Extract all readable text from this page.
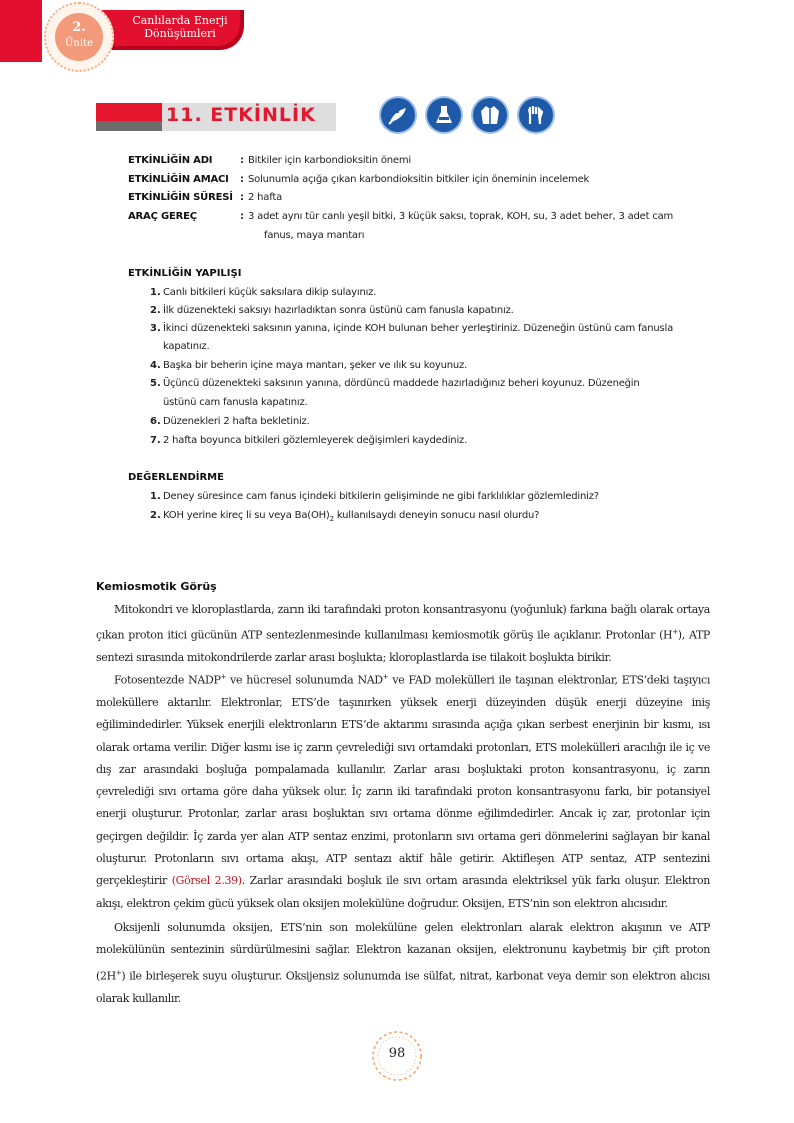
Canlılarda Enerji Dönüşümleri
2.
Ünite
11. ETKİNLİK
ETKİNLİĞİN ADI	: Bitkiler için karbondioksitin önemi
ETKİNLİĞİN AMACI : Solunumla açığa çıkan karbondioksitin bitkiler için öneminin incelemek
ETKİNLİĞİN SÜRESİ : 2 hafta
ARAÇ GEREÇ	: 3 adet aynı tür canlı yeşil bitki, 3 küçük saksı, toprak, KOH, su, 3 adet beher, 3 adet cam
fanus, maya mantarı
ETKİNLİĞİN YAPILIŞI
1. Canlı bitkileri küçük saksılara dikip sulayınız.
2. İlk düzenekteki saksıyı hazırladıktan sonra üstünü cam fanusla kapatınız.
3. İkinci düzenekteki saksının yanına, içinde KOH bulunan beher yerleştiriniz. Düzeneğin üstünü cam fanusla
kapatınız.
4. Başka bir beherin içine maya mantarı, şeker ve ılık su koyunuz.
5. Üçüncü düzenekteki saksının yanına, dördüncü maddede hazırladığınız beheri koyunuz. Düzeneğin
üstünü cam fanusla kapatınız.
6. Düzenekleri 2 hafta bekletiniz.
7. 2 hafta boyunca bitkileri gözlemleyerek değişimleri kaydediniz.
DEĞERLENDİRME
1. Deney süresince cam fanus içindeki bitkilerin gelişiminde ne gibi farklılıklar gözlemlediniz?
2. KOH yerine kireç li su veya $Ba(OH)_2$ kullanılsaydı deneyin sonucu nasıl olurdu?
Kemiosmotik Görüş
Mitokondri ve kloroplastlarda, zarın iki tarafındaki proton konsantrasyonu (yoğunluk) farkına bağlı olarak ortaya çıkan proton itici gücünün ATP sentezlenmesinde kullanılması kemiosmotik görüş ile açıklanır. Protonlar (H+), ATP sentezi sırasında mitokondrilerde zarlar arası boşlukta; kloroplastlarda ise tilakoit boşlukta birikir.
Fotosentezde NADP+ ve hücresel solunumda NAD+ ve FAD molekülleri ile taşınan elektronlar, ETS’deki taşıyıcı moleküllere aktarılır. Elektronlar, ETS’de taşınırken yüksek enerji düzeyinden düşük enerji düzeyine iniş eğilimindedirler. Yüksek enerjili elektronların ETS’de aktarımı sırasında açığa çıkan serbest enerjinin bir kısmı, ısı olarak ortama verilir. Diğer kısmı ise iç zarın çevrelediği sıvı ortamdaki protonları, ETS molekülleri aracılığı ile iç ve dış zar arasındaki boşluğa pompalamada kullanılır. Zarlar arası boşluktaki proton konsantrasyonu, iç zarın çevrelediği sıvı ortama göre daha yüksek olur. İç zarın iki tarafındaki proton konsantrasyonu farkı, bir potansiyel enerji oluşturur. Protonlar, zarlar arası boşluktan sıvı ortama dönme eğilimdedirler. Ancak iç zar, protonlar için geçirgen değildir. İç zarda yer alan ATP sentaz enzimi, protonların sıvı ortama geri dönmelerini sağlayan bir kanal oluşturur. Protonların sıvı ortama akışı, ATP sentazı aktif hâle getirir. Aktifleşen ATP sentaz, ATP sentezini gerçekleştirir (Görsel 2.39). Zarlar arasındaki boşluk ile sıvı ortam arasında elektriksel yük farkı oluşur. Elektron akışı, elektron çekim gücü yüksek olan oksijen molekülüne doğrudur. Oksijen, ETS’nin son elektron alıcısıdır.
Oksijenli solunumda oksijen, ETS’nin son molekülüne gelen elektronları alarak elektron akışının ve ATP molekülünün sentezinin sürdürülmesini sağlar. Elektron kazanan oksijen, elektronunu kaybetmiş bir çift proton (2H+) ile birleşerek suyu oluşturur. Oksijensiz solunumda ise sülfat, nitrat, karbonat veya demir son elektron alıcısı olarak kullanılır.
98
